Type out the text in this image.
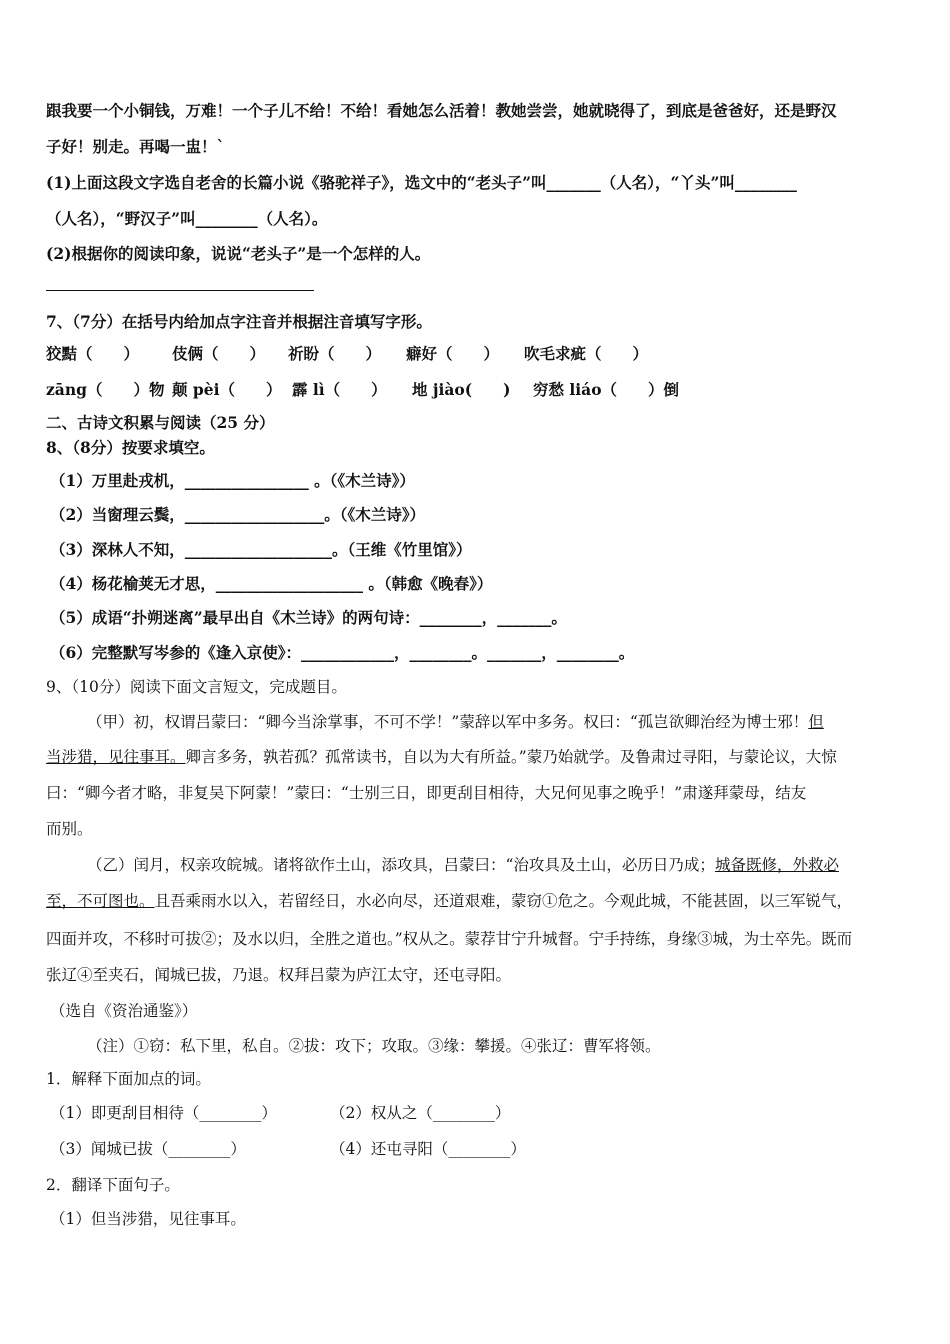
跟我要一个小铜钱，万难！一个子儿不给！不给！看她怎么活着！教她尝尝，她就晓得了，到底是爸爸好，还是野汉
子好！别走。再喝一盅！`
(1)上面这段文字选自老舍的长篇小说《骆驼祥子》，选文中的“老头子”叫_______（人名），“丫头”叫________
（人名），“野汉子”叫________（人名）。
(2)根据你的阅读印象，说说“老头子”是一个怎样的人。
7、（7分）在括号内给加点字注音并根据注音填写字形。
狡黠（　　） 伎俩（　　） 祈盼（　　） 癖好（　　） 吹毛求疵（　　）
zāng（　　）物 颠 pèi（　　） 霹 lì（　　） 地 jiào(　　) 穷愁 liáo（　　）倒
二、古诗文积累与阅读（25 分）
8、（8分）按要求填空。
（1）万里赴戎机，________________ 。（《木兰诗》）
（2）当窗理云鬓，__________________。（《木兰诗》）
（3）深林人不知，___________________。（王维《竹里馆》）
（4）杨花榆荚无才思，___________________ 。（韩愈《晚春》）
（5）成语“扑朔迷离”最早出自《木兰诗》的两句诗：________，_______。
（6）完整默写岑参的《逢入京使》：____________，________。_______，________。
9、（10分）阅读下面文言短文，完成题目。
（甲）初，权谓吕蒙曰：“卿今当涂掌事，不可不学！”蒙辞以军中多务。权曰：“孤岂欲卿治经为博士邪！但
当涉猎，见往事耳。卿言多务，孰若孤？孤常读书，自以为大有所益。”蒙乃始就学。及鲁肃过寻阳，与蒙论议，大惊
曰：“卿今者才略，非复吴下阿蒙！”蒙曰：“士别三日，即更刮目相待，大兄何见事之晚乎！”肃遂拜蒙母，结友
而别。
（乙）闰月，权亲攻皖城。诸将欲作土山，添攻具，吕蒙曰：“治攻具及土山，必历日乃成；城备既修，外救必
至，不可图也。且吾乘雨水以入，若留经日，水必向尽，还道艰难，蒙窃①危之。今观此城，不能甚固，以三军锐气，
四面并攻，不移时可拔②；及水以归，全胜之道也。”权从之。蒙荐甘宁升城督。宁手持练，身缘③城，为士卒先。既而
张辽④至夹石，闻城已拔，乃退。权拜吕蒙为庐江太守，还屯寻阳。
（选自《资治通鉴》）
（注）①窃：私下里，私自。②拔：攻下；攻取。③缘：攀援。④张辽：曹军将领。
1．解释下面加点的词。
（1）即更刮目相待（________）	（2）权从之（________）
（3）闻城已拔（________）	（4）还屯寻阳（________）
2．翻译下面句子。
（1）但当涉猎，见往事耳。
